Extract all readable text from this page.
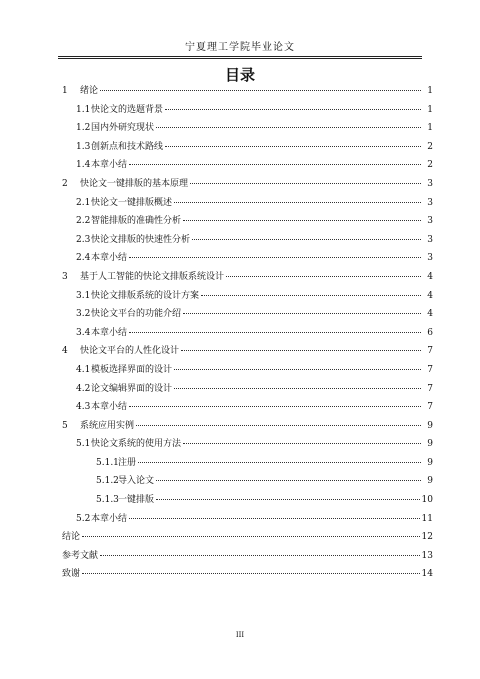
宁夏理工学院毕业论文
目录
1	绪论	1
1.1 快论文的选题背景	1
1.2 国内外研究现状	1
1.3 创新点和技术路线	2
1.4 本章小结	2
2	快论文一键排版的基本原理	3
2.1 快论文一键排版概述	3
2.2 智能排版的准确性分析	3
2.3 快论文排版的快速性分析	3
2.4 本章小结	3
3	基于人工智能的快论文排版系统设计	4
3.1 快论文排版系统的设计方案	4
3.2 快论文平台的功能介绍	4
3.4 本章小结	6
4	快论文平台的人性化设计	7
4.1 模板选择界面的设计	7
4.2 论文编辑界面的设计	7
4.3 本章小结	7
5	系统应用实例	9
5.1 快论文系统的使用方法	9
5.1.1 注册	9
5.1.2 导入论文	9
5.1.3 一键排版	10
5.2 本章小结	11
结论	12
参考文献	13
致谢	14
III
